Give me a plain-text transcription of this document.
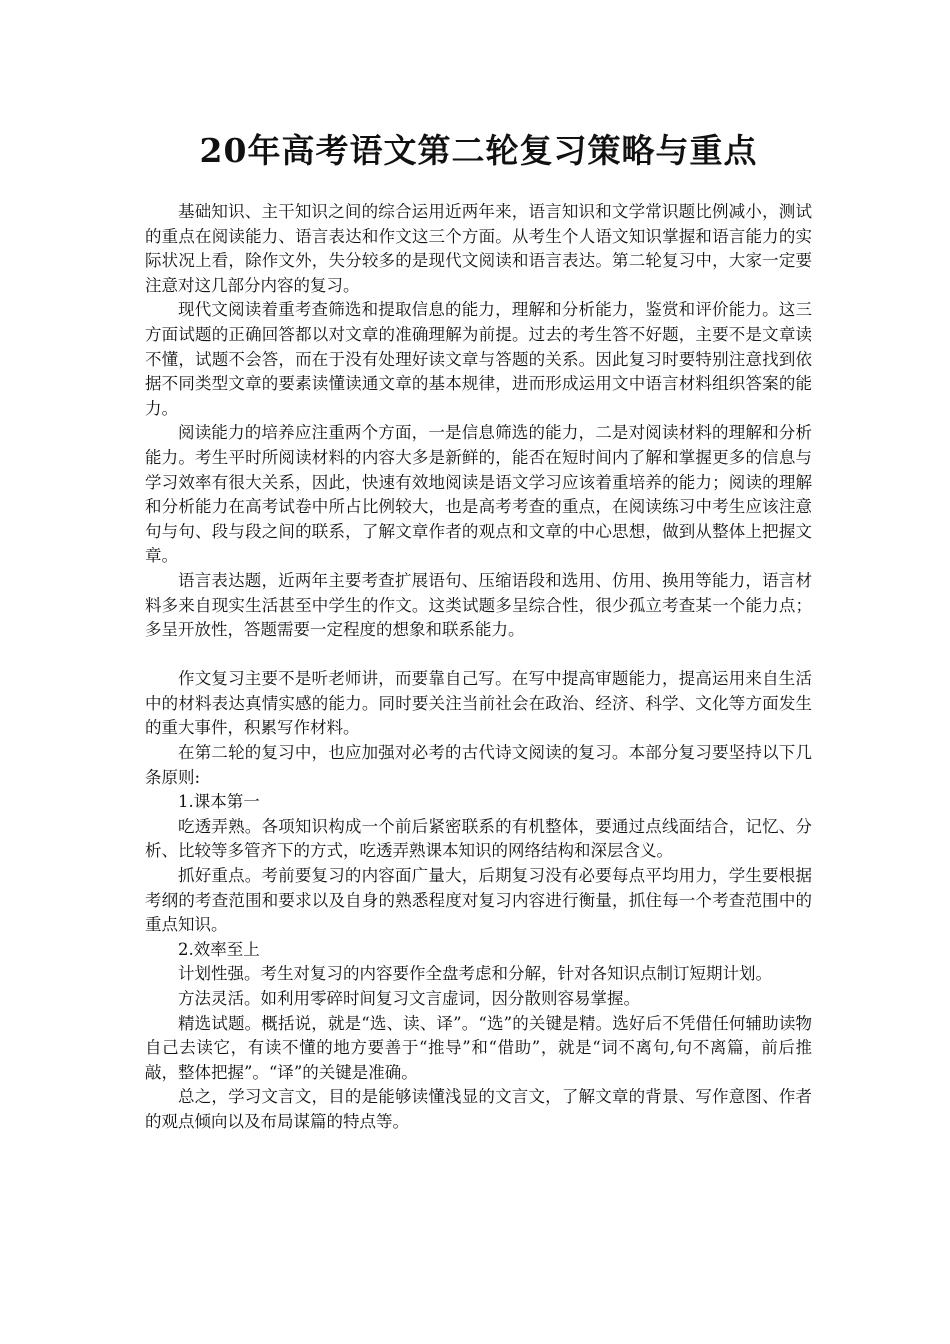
20年高考语文第二轮复习策略与重点

基础知识、主干知识之间的综合运用近两年来，语言知识和文学常识题比例减小，测试的重点在阅读能力、语言表达和作文这三个方面。从考生个人语文知识掌握和语言能力的实际状况上看，除作文外，失分较多的是现代文阅读和语言表达。第二轮复习中，大家一定要注意对这几部分内容的复习。

现代文阅读着重考查筛选和提取信息的能力，理解和分析能力，鉴赏和评价能力。这三方面试题的正确回答都以对文章的准确理解为前提。过去的考生答不好题，主要不是文章读不懂，试题不会答，而在于没有处理好读文章与答题的关系。因此复习时要特别注意找到依据不同类型文章的要素读懂读通文章的基本规律，进而形成运用文中语言材料组织答案的能力。

阅读能力的培养应注重两个方面，一是信息筛选的能力，二是对阅读材料的理解和分析能力。考生平时所阅读材料的内容大多是新鲜的，能否在短时间内了解和掌握更多的信息与学习效率有很大关系，因此，快速有效地阅读是语文学习应该着重培养的能力；阅读的理解和分析能力在高考试卷中所占比例较大，也是高考考查的重点，在阅读练习中考生应该注意句与句、段与段之间的联系，了解文章作者的观点和文章的中心思想，做到从整体上把握文章。

语言表达题，近两年主要考查扩展语句、压缩语段和选用、仿用、换用等能力，语言材料多来自现实生活甚至中学生的作文。这类试题多呈综合性，很少孤立考查某一个能力点；多呈开放性，答题需要一定程度的想象和联系能力。

作文复习主要不是听老师讲，而要靠自己写。在写中提高审题能力，提高运用来自生活中的材料表达真情实感的能力。同时要关注当前社会在政治、经济、科学、文化等方面发生的重大事件，积累写作材料。

在第二轮的复习中，也应加强对必考的古代诗文阅读的复习。本部分复习要坚持以下几条原则:

1.课本第一

吃透弄熟。各项知识构成一个前后紧密联系的有机整体，要通过点线面结合，记忆、分析、比较等多管齐下的方式，吃透弄熟课本知识的网络结构和深层含义。

抓好重点。考前要复习的内容面广量大，后期复习没有必要每点平均用力，学生要根据考纲的考查范围和要求以及自身的熟悉程度对复习内容进行衡量，抓住每一个考查范围中的重点知识。

2.效率至上

计划性强。考生对复习的内容要作全盘考虑和分解，针对各知识点制订短期计划。

方法灵活。如利用零碎时间复习文言虚词，因分散则容易掌握。

精选试题。概括说，就是“选、读、译”。“选”的关键是精。选好后不凭借任何辅助读物自己去读它，有读不懂的地方要善于“推导”和“借助”，就是“词不离句,句不离篇，前后推敲，整体把握”。“译”的关键是准确。

总之，学习文言文，目的是能够读懂浅显的文言文，了解文章的背景、写作意图、作者的观点倾向以及布局谋篇的特点等。
